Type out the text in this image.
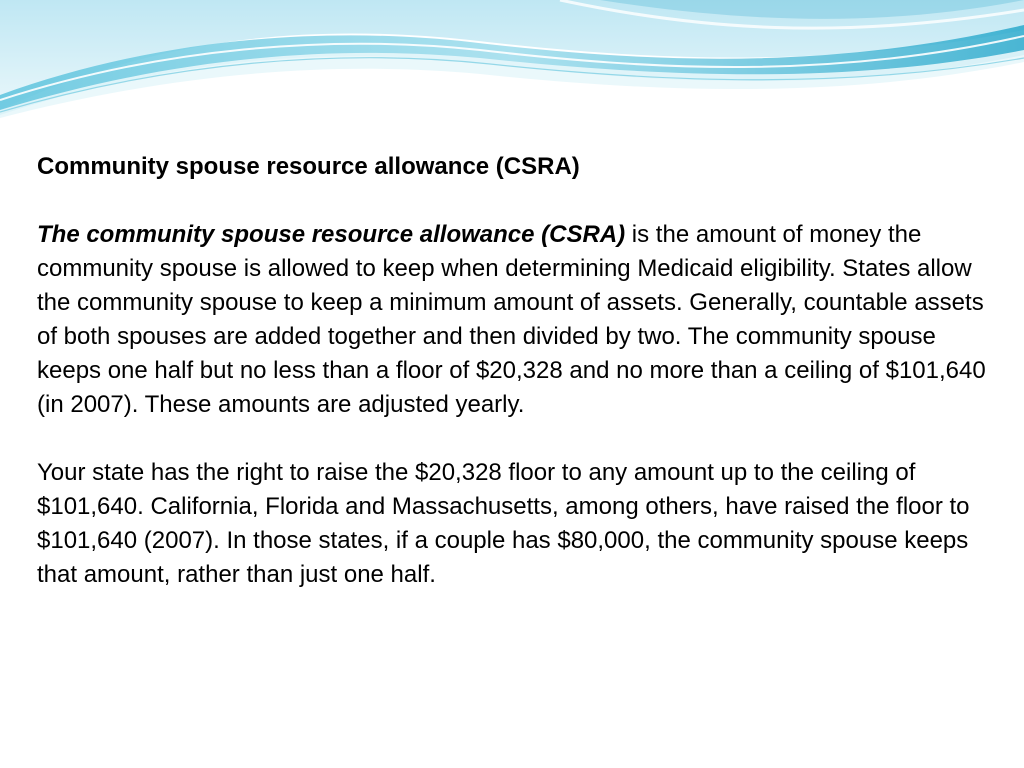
Community spouse resource allowance (CSRA)

The community spouse resource allowance (CSRA) is the amount of money the community spouse is allowed to keep when determining Medicaid eligibility. States allow the community spouse to keep a minimum amount of assets. Generally, countable assets of both spouses are added together and then divided by two. The community spouse keeps one half but no less than a floor of $20,328 and no more than a ceiling of $101,640 (in 2007). These amounts are adjusted yearly.

Your state has the right to raise the $20,328 floor to any amount up to the ceiling of $101,640. California, Florida and Massachusetts, among others, have raised the floor to $101,640 (2007). In those states, if a couple has $80,000, the community spouse keeps that amount, rather than just one half.
